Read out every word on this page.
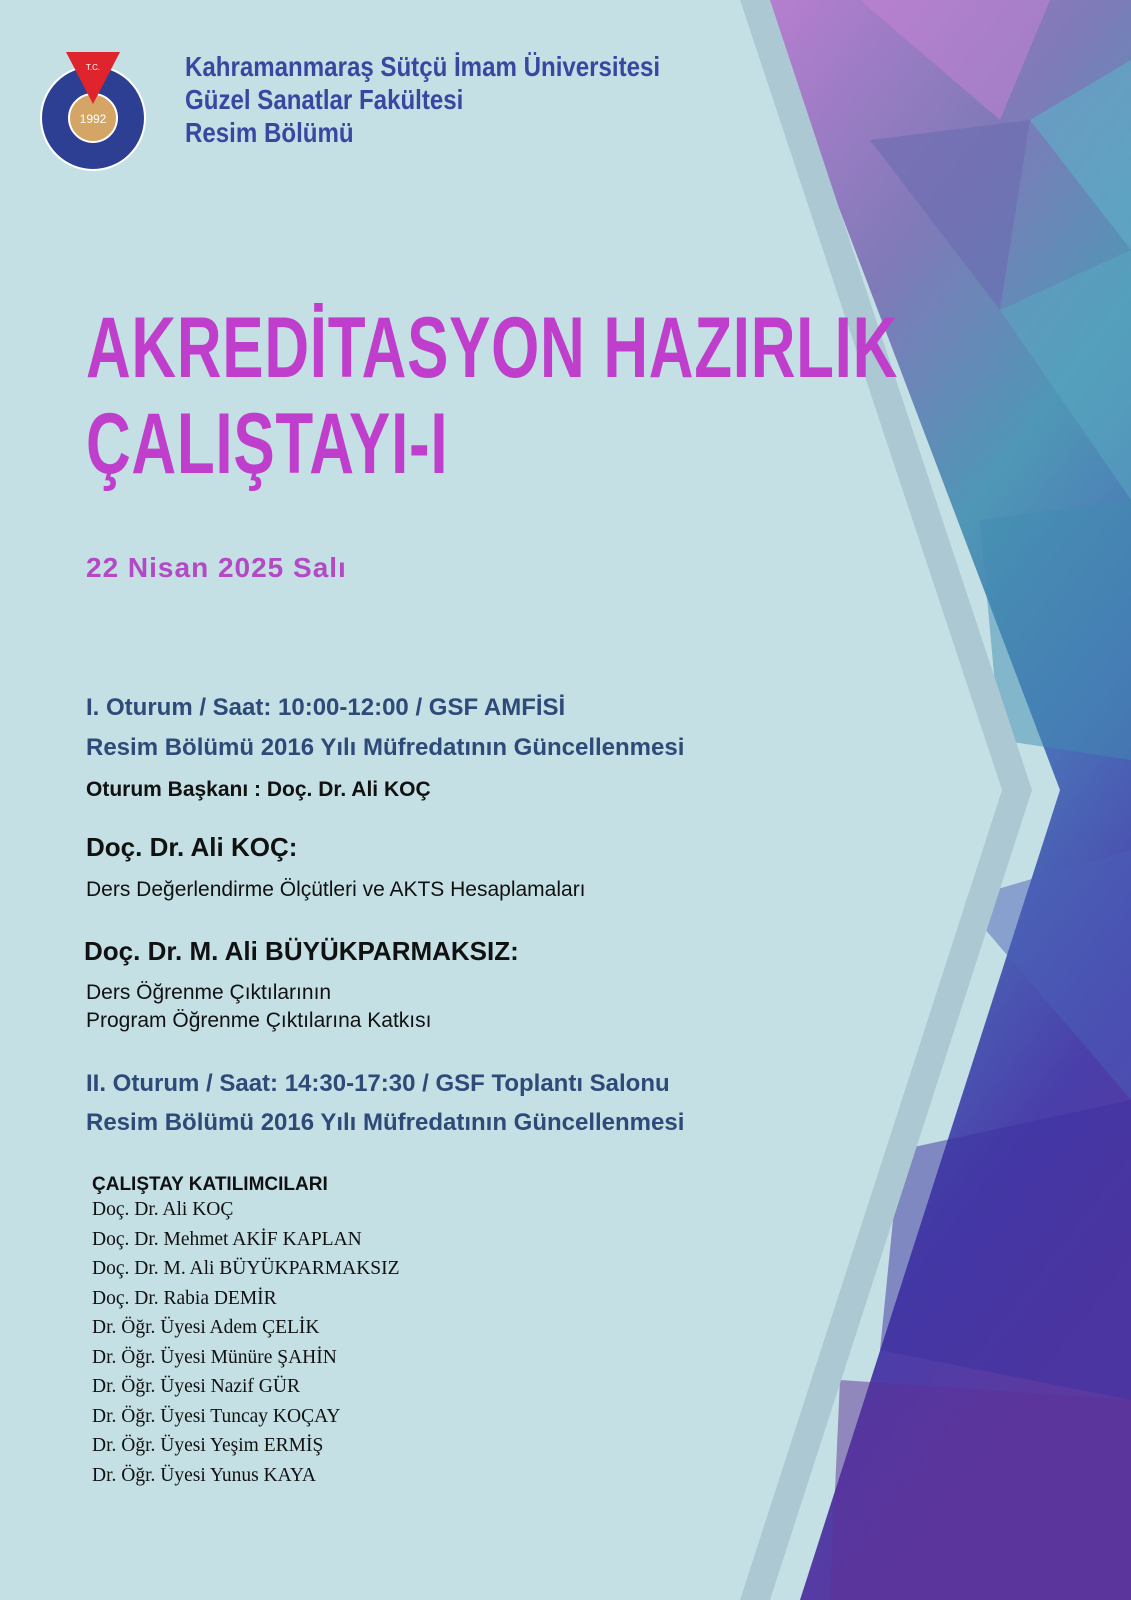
1992
T.C.	Kahramanmaraş Sütçü İmam Üniversitesi
Güzel Sanatlar Fakültesi
Resim Bölümü
AKREDİTASYON HAZIRLIK
ÇALIŞTAYI-I
22 Nisan 2025 Salı
I. Oturum / Saat: 10:00-12:00 / GSF AMFİSİ
Resim Bölümü 2016 Yılı Müfredatının Güncellenmesi
Oturum Başkanı : Doç. Dr. Ali KOÇ
Doç. Dr. Ali KOÇ:
Ders Değerlendirme Ölçütleri ve AKTS Hesaplamaları
Doç. Dr. M. Ali BÜYÜKPARMAKSIZ:
Ders Öğrenme Çıktılarının
Program Öğrenme Çıktılarına Katkısı
II. Oturum / Saat: 14:30-17:30 / GSF Toplantı Salonu
Resim Bölümü 2016 Yılı Müfredatının Güncellenmesi
ÇALIŞTAY KATILIMCILARI
Doç. Dr. Ali KOÇ
Doç. Dr. Mehmet AKİF KAPLAN
Doç. Dr. M. Ali BÜYÜKPARMAKSIZ
Doç. Dr. Rabia DEMİR
Dr. Öğr. Üyesi Adem ÇELİK
Dr. Öğr. Üyesi Münüre ŞAHİN
Dr. Öğr. Üyesi Nazif GÜR
Dr. Öğr. Üyesi Tuncay KOÇAY
Dr. Öğr. Üyesi Yeşim ERMİŞ
Dr. Öğr. Üyesi Yunus KAYA
